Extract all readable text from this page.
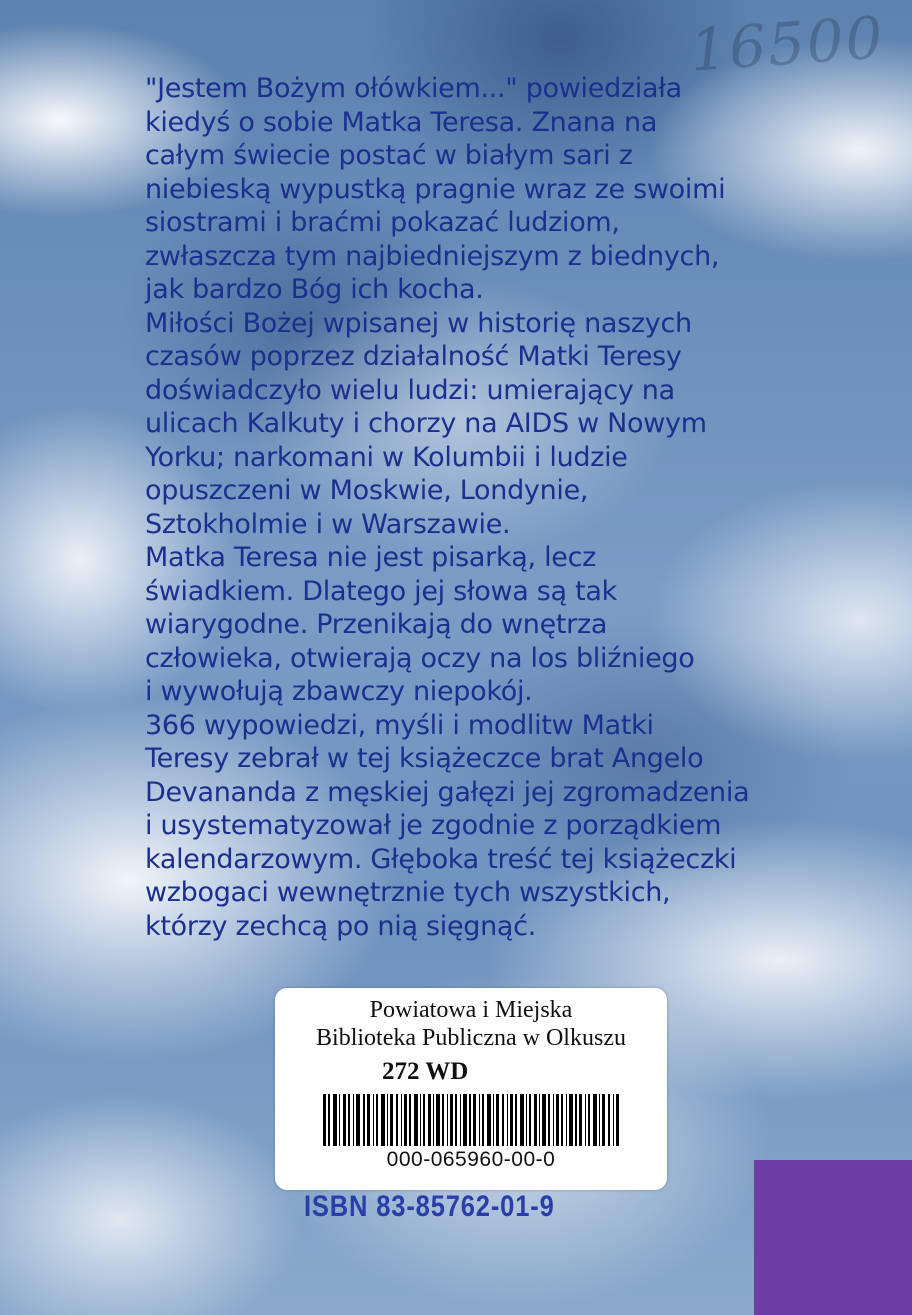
16500
"Jestem Bożym ołówkiem..." powiedziała
kiedyś o sobie Matka Teresa. Znana na
całym świecie postać w białym sari z
niebieską wypustką pragnie wraz ze swoimi
siostrami i braćmi pokazać ludziom,
zwłaszcza tym najbiedniejszym z biednych,
jak bardzo Bóg ich kocha.
Miłości Bożej wpisanej w historię naszych
czasów poprzez działalność Matki Teresy
doświadczyło wielu ludzi: umierający na
ulicach Kalkuty i chorzy na AIDS w Nowym
Yorku; narkomani w Kolumbii i ludzie
opuszczeni w Moskwie, Londynie,
Sztokholmie i w Warszawie.
Matka Teresa nie jest pisarką, lecz
świadkiem. Dlatego jej słowa są tak
wiarygodne. Przenikają do wnętrza
człowieka, otwierają oczy na los bliźniego
i wywołują zbawczy niepokój.
366 wypowiedzi, myśli i modlitw Matki
Teresy zebrał w tej książeczce brat Angelo
Devananda z męskiej gałęzi jej zgromadzenia
i usystematyzował je zgodnie z porządkiem
kalendarzowym. Głęboka treść tej książeczki
wzbogaci wewnętrznie tych wszystkich,
którzy zechcą po nią sięgnąć.
Powiatowa i Miejska
Biblioteka Publiczna w Olkuszu
272 WD
000-065960-00-0
ISBN 83-85762-01-9
